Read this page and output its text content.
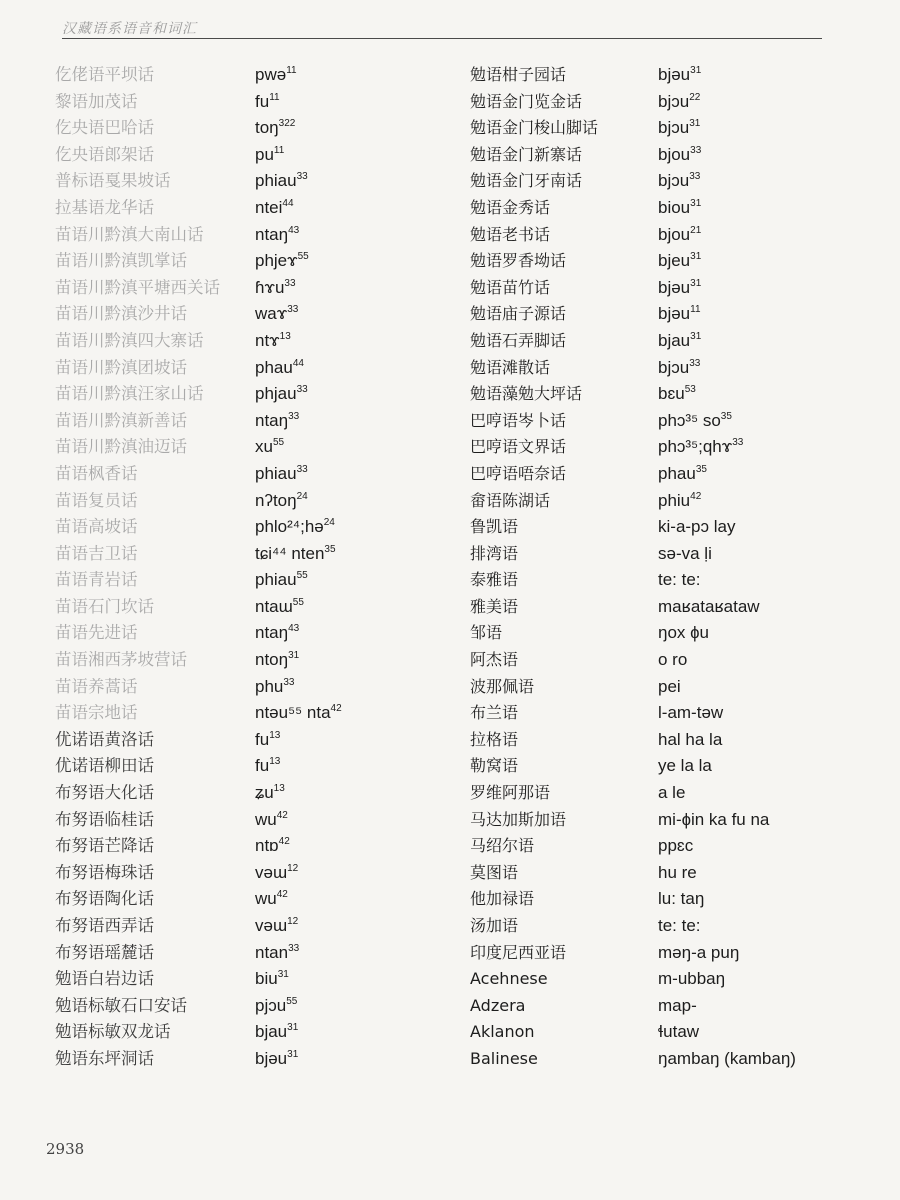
汉藏语系语音和词汇
仡佬语平坝话	pwə$^{11}$
黎语加茂话	$fu^{11}$
仡央语巴哈话	toŋ$^{322}$
仡央语郎架话	$pu^{11}$
普标语戛果坡话	phiau$^{33}$
拉基语龙华话	ntei$^{44}$
苗语川黔滇大南山话	ntaŋ$^{43}$
苗语川黔滇凯掌话	phjeɤ$^{55}$
苗语川黔滇平塘西关话 ɦɤu$^{33}$
苗语川黔滇沙井话	waɤ$^{33}$
苗语川黔滇四大寨话	ntɤ$^{13}$
苗语川黔滇团坡话	phau$^{44}$
苗语川黔滇汪家山话	phjau$^{33}$
苗语川黔滇新善话	ntaŋ$^{33}$
苗语川黔滇油迈话	$xu^{55}$
苗语枫香话	phiau$^{33}$
苗语复员话	nʔtoŋ$^{24}$
苗语高坡话	phlo²⁴;hə$^{24}$
苗语吉卫话	tɕi⁴⁴ nten$^{35}$
苗语青岩话	phiau$^{55}$
苗语石门坎话	ntaɯ$^{55}$
苗语先进话	ntaŋ$^{43}$
苗语湘西茅坡营话	ntoŋ$^{31}$
苗语养蒿话	phu$^{33}$
苗语宗地话	ntəu⁵⁵ nta$^{42}$
优诺语黄洛话	$fu^{13}$
优诺语柳田话	$fu^{13}$
布努语大化话	ʑu$^{13}$
布努语临桂话	$wu^{42}$
布努语芒降话	ntɒ$^{42}$
布努语梅珠话	vəɯ$^{12}$
布努语陶化话	$wu^{42}$
布努语西弄话	vəɯ$^{12}$
布努语瑶麓话	ntan$^{33}$
勉语白岩边话	biu$^{31}$
勉语标敏石口安话	pjɔu$^{55}$
勉语标敏双龙话	bjau$^{31}$
勉语东坪洞话	bjəu$^{31}$
勉语柑子园话	bjəu$^{31}$
勉语金门览金话	bjɔu$^{22}$
勉语金门梭山脚话	bjɔu$^{31}$
勉语金门新寨话	bjou$^{33}$
勉语金门牙南话	bjɔu$^{33}$
勉语金秀话	biou$^{31}$
勉语老书话	bjou$^{21}$
勉语罗香坳话	bjeu$^{31}$
勉语苗竹话	bjəu$^{31}$
勉语庙子源话	bjəu$^{11}$
勉语石弄脚话	bjau$^{31}$
勉语滩散话	bjɔu$^{33}$
勉语藻勉大坪话	bɛu$^{53}$
巴哼语岑卜话	phɔ³⁵ $so^{35}$
巴哼语文界话	phɔ³⁵;qhɤ$^{33}$
巴哼语唔奈话	phau$^{35}$
畲语陈湖话	phiu$^{42}$
鲁凯语	ki-a-pɔ lay
排湾语	sə-va ḷi
泰雅语	te: te:
雅美语	maʁataʁataw
邹语	ŋox ɸu
阿杰语	o ro
波那佩语	pei
布兰语	l-am-təw
拉格语	hal ha la
勒窝语	ye la la
罗维阿那语	a le
马达加斯加语	mi-ɸin ka fu na
马绍尔语	ppɛc
莫图语	hu re
他加禄语	lu: taŋ
汤加语	te: te:
印度尼西亚语	məŋ-a puŋ
Acehnese	m-ubbaŋ
Adzera	map-
Aklanon	ɬutaw
Balinese	ŋambaŋ (kambaŋ)
2938
